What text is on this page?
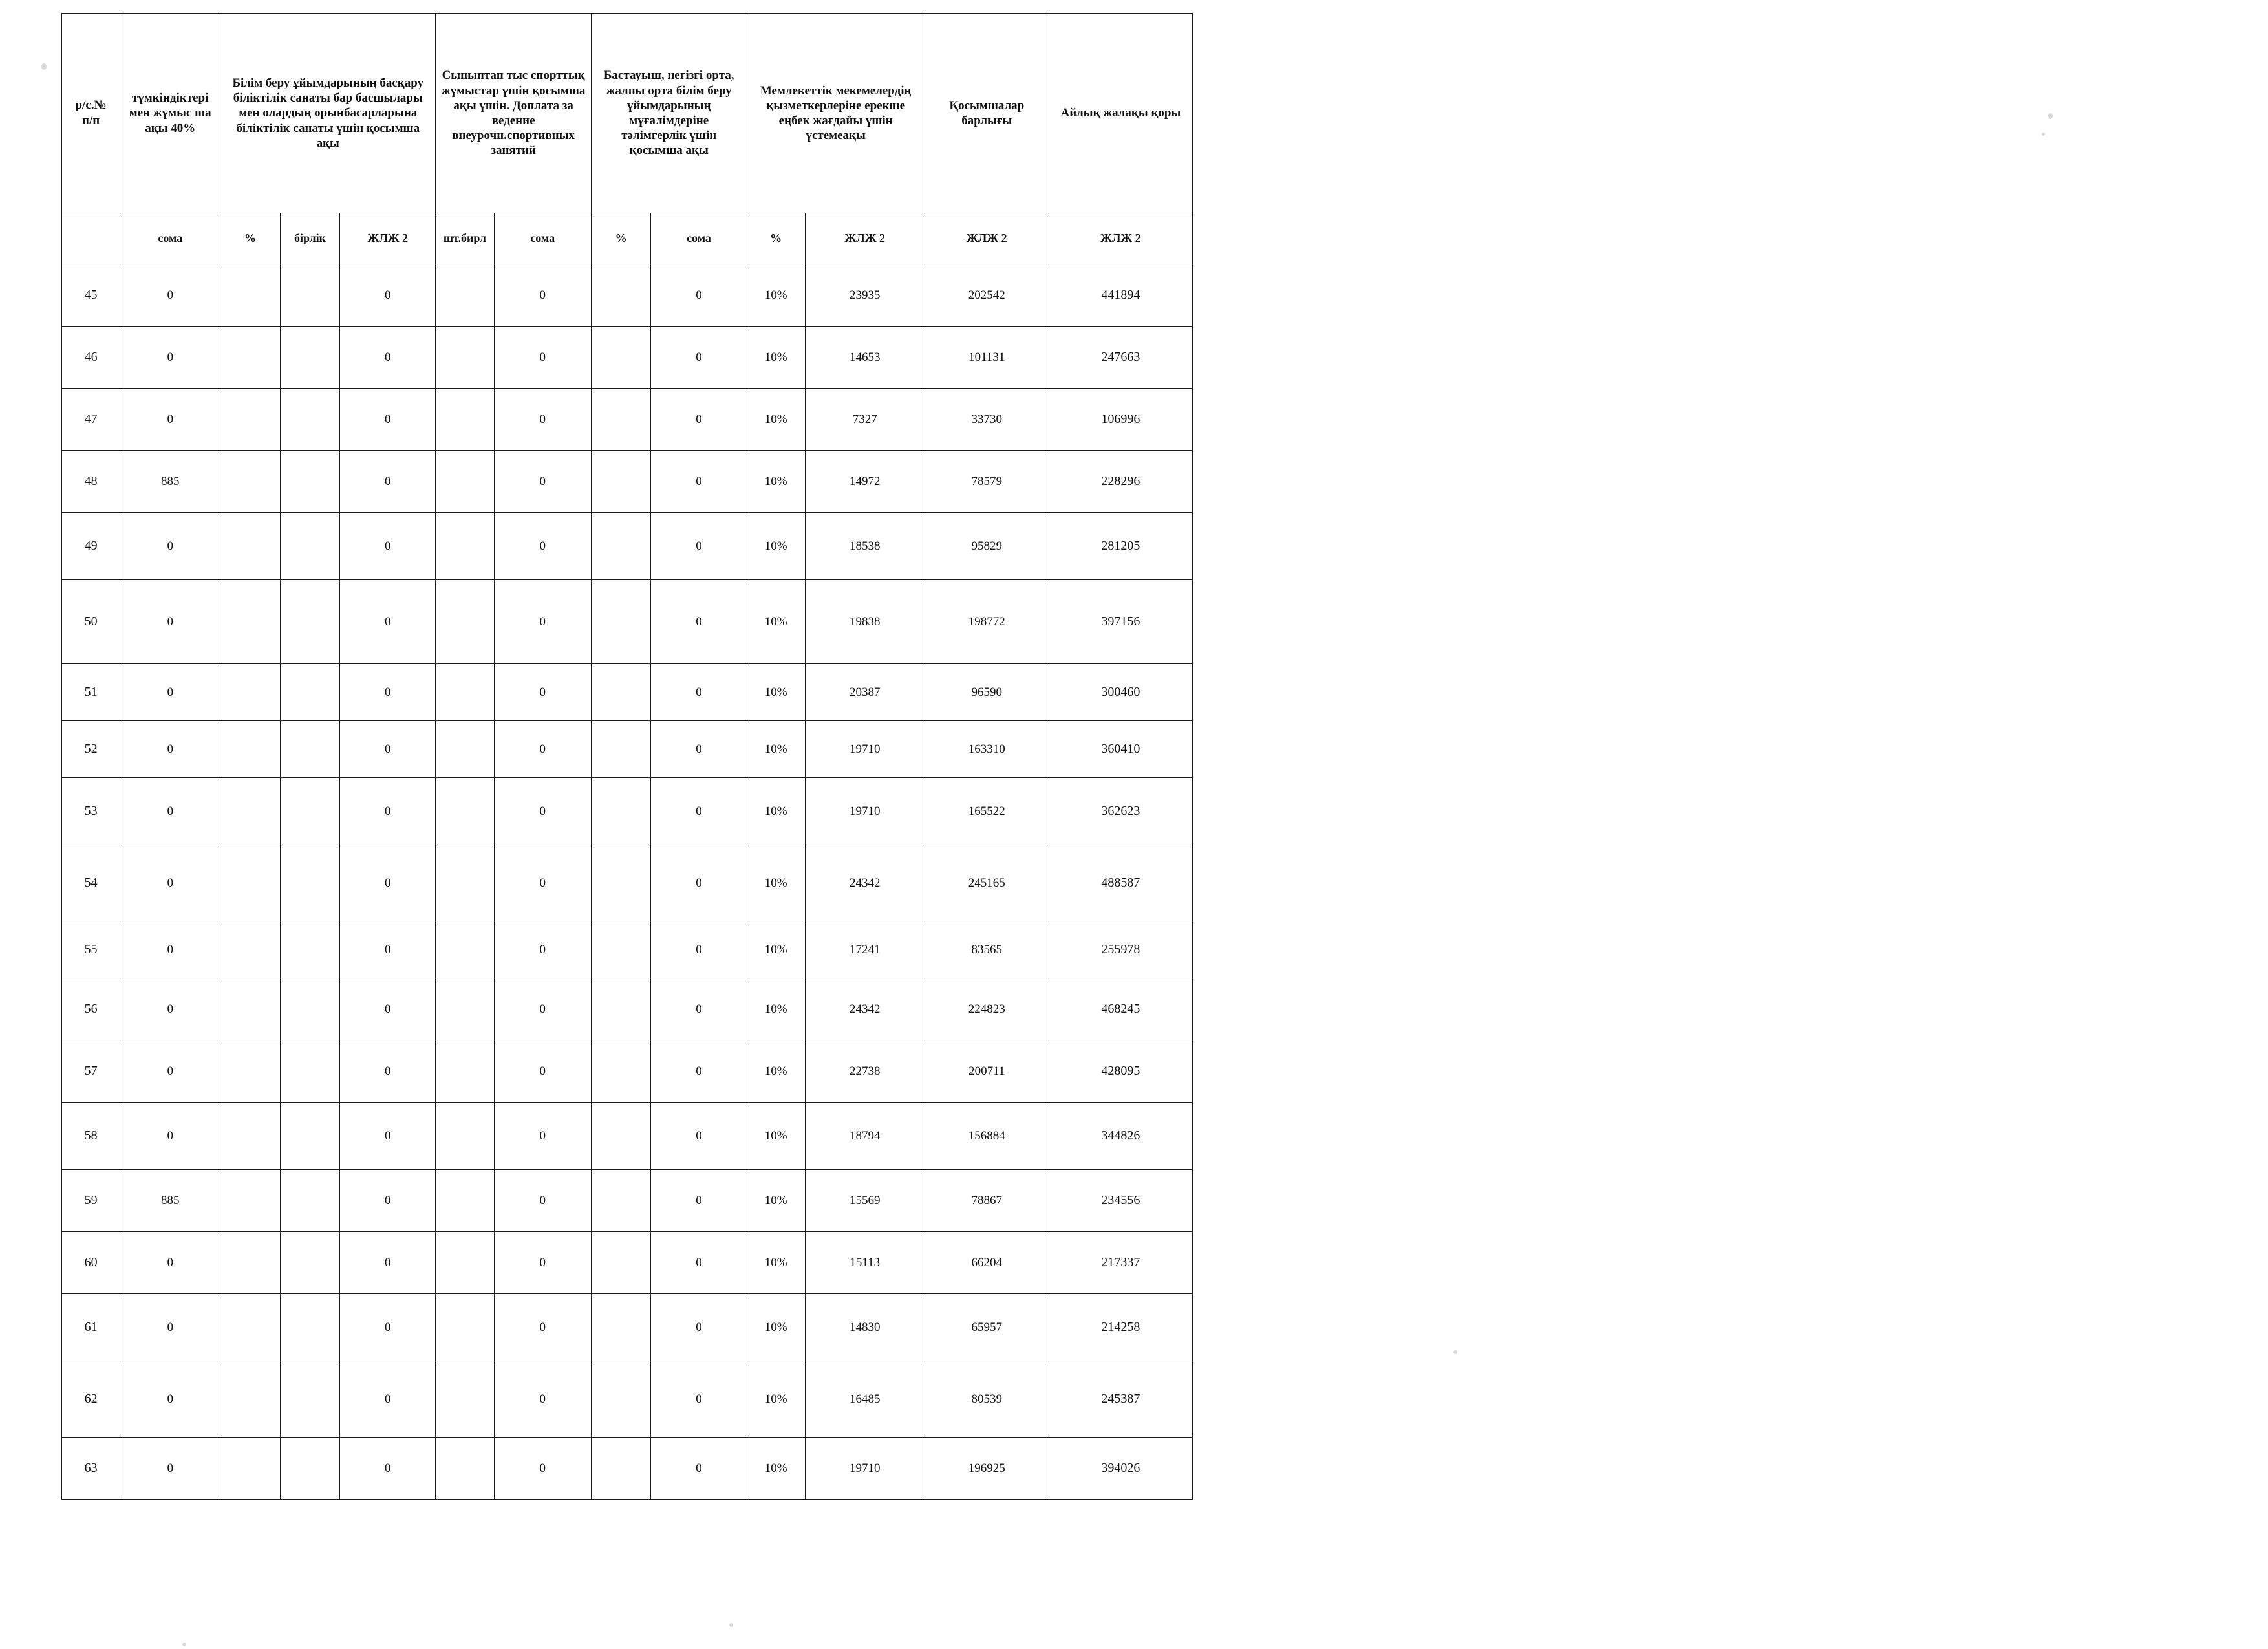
р/с.№
п/п	түмкіндіктері мен жұмыс ша ақы 40%	Білім беру ұйымдарының басқару біліктілік санаты бар басшылары мен олардың орынбасарларына біліктілік санаты үшін қосымша ақы			Сыныптан тыс спорттық жұмыстар үшін қосымша ақы үшін. Доплата за ведение внеурочн.спортивных занятий		Бастауыш, негізгі орта, жалпы орта білім беру ұйымдарының мұғалімдеріне тәлімгерлік үшін қосымша ақы		Мемлекеттік мекемелердің қызметкерлеріне ерекше еңбек жағдайы үшін үстемеақы		Қосымшалар барлығы	Айлық жалақы қоры
	сома	%	бірлік	ЖЛЖ 2	шт.бирл	сома	%	сома	%	ЖЛЖ 2	ЖЛЖ 2	ЖЛЖ 2
45	0			0		0		0	10%	23935	202542	441894
46	0			0		0		0	10%	14653	101131	247663
47	0			0		0		0	10%	7327	33730	106996
48	885			0		0		0	10%	14972	78579	228296
49	0			0		0		0	10%	18538	95829	281205
50	0			0		0		0	10%	19838	198772	397156
51	0			0		0		0	10%	20387	96590	300460
52	0			0		0		0	10%	19710	163310	360410
53	0			0		0		0	10%	19710	165522	362623
54	0			0		0		0	10%	24342	245165	488587
55	0			0		0		0	10%	17241	83565	255978
56	0			0		0		0	10%	24342	224823	468245
57	0			0		0		0	10%	22738	200711	428095
58	0			0		0		0	10%	18794	156884	344826
59	885			0		0		0	10%	15569	78867	234556
60	0			0		0		0	10%	15113	66204	217337
61	0			0		0		0	10%	14830	65957	214258
62	0			0		0		0	10%	16485	80539	245387
63	0			0		0		0	10%	19710	196925	394026
